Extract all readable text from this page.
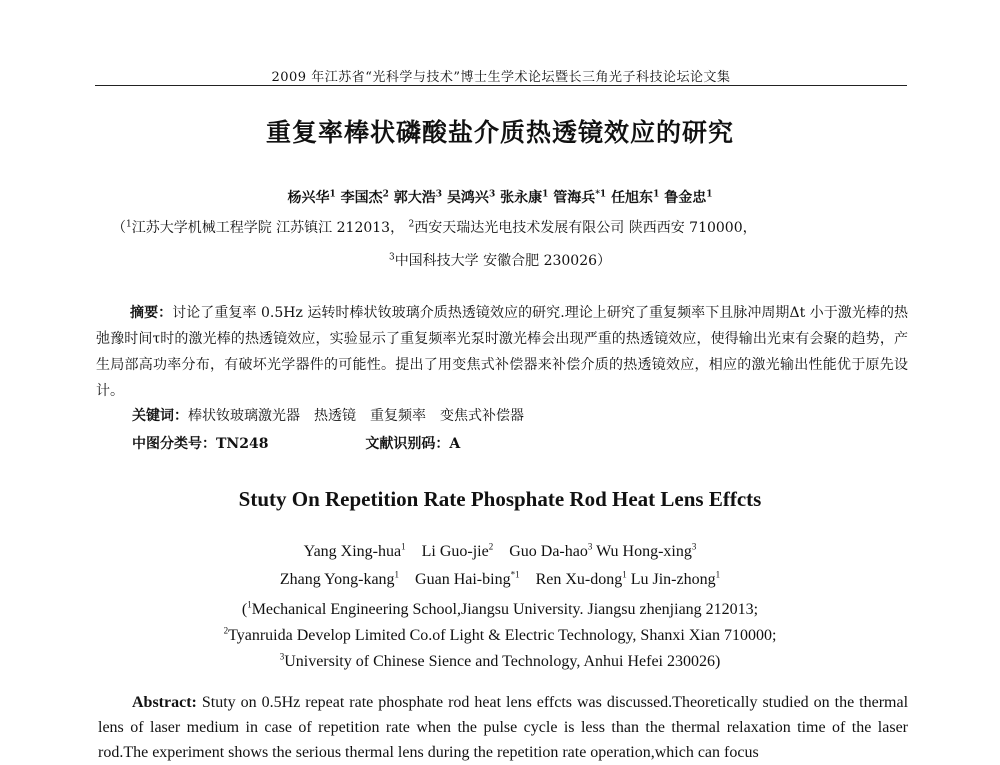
2009 年江苏省“光科学与技术”博士生学术论坛暨长三角光子科技论坛论文集
重复率棒状磷酸盐介质热透镜效应的研究
杨兴华$^1$ 李国杰$^2$ 郭大浩$^3$ 吴鸿兴$^3$ 张永康$^1$ 管海兵$^{*1}$ 任旭东$^1$ 鲁金忠$^1$
（$^1$江苏大学机械工程学院 江苏镇江 212013， $^2$西安天瑞达光电技术发展有限公司 陕西西安 710000，
$^3$中国科技大学 安徽合肥 230026）
摘要：讨论了重复率 0.5Hz 运转时棒状钕玻璃介质热透镜效应的研究.理论上研究了重复频率下且脉冲周期Δt 小于激光棒的热弛豫时间τ时的激光棒的热透镜效应，实验显示了重复频率光泵时激光棒会出现严重的热透镜效应，使得输出光束有会聚的趋势，产生局部高功率分布，有破坏光学器件的可能性。提出了用变焦式补偿器来补偿介质的热透镜效应，相应的激光输出性能优于原先设计。
关键词：棒状钕玻璃激光器　热透镜　重复频率　变焦式补偿器
中图分类号：TN248	文献识别码：A
Stuty On Repetition Rate Phosphate Rod Heat Lens Effcts
Yang Xing-hua$^1$ Li Guo-jie$^2$ Guo Da-hao$^3$ Wu Hong-xing$^3$
Zhang Yong-kang$^1$ Guan Hai-bing$^{*1}$ Ren Xu-dong$^1$ Lu Jin-zhong$^1$
($^1$Mechanical Engineering School,Jiangsu University. Jiangsu zhenjiang 212013;
$^2$Tyanruida Develop Limited Co.of Light & Electric Technology, Shanxi Xian 710000;
$^3$University of Chinese Sience and Technology, Anhui Hefei 230026)
Abstract: Stuty on 0.5Hz repeat rate phosphate rod heat lens effcts was discussed.Theoretically studied on the thermal lens of laser medium in case of repetition rate when the pulse cycle is less than the thermal relaxation time of the laser rod.The experiment shows the serious thermal lens during the repetition rate operation,which can focus
